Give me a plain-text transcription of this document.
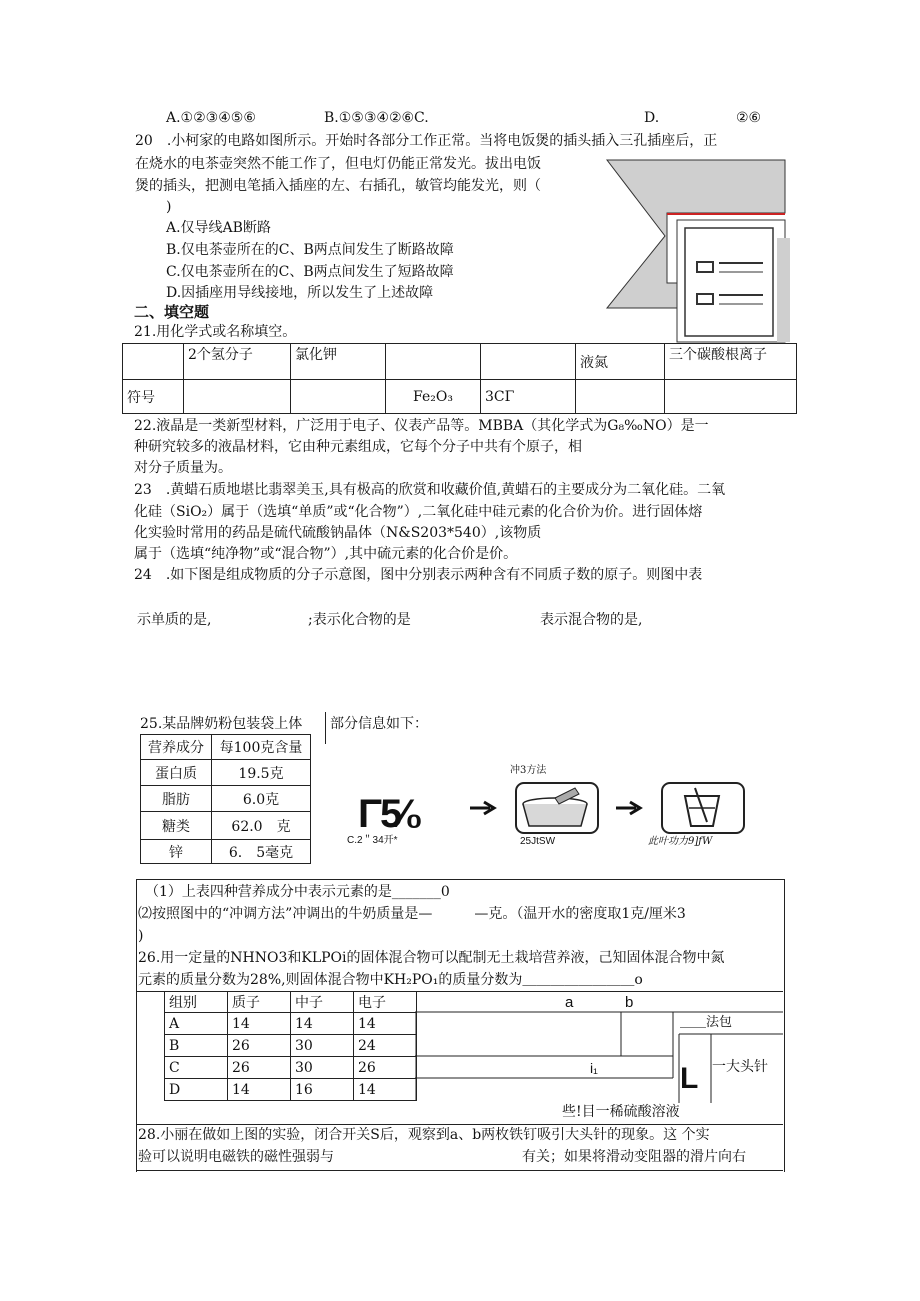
A.①②③④⑤⑥	B.①⑤③④②⑥C.	D.	②⑥
20　.小柯家的电路如图所示。开始时各部分工作正常。当将电饭煲的插头插入三孔插座后，正
在烧水的电茶壶突然不能工作了，但电灯仍能正常发光。拔出电饭
煲的插头，把测电笔插入插座的左、右插孔，敏管均能发光，则（
)
A.仅导线AB断路
B.仅电茶壶所在的C、B两点间发生了断路故障
C.仅电茶壶所在的C、B两点间发生了短路故障
D.因插座用导线接地，所以发生了上述故障
二、填空题
21.用化学式或名称填空。
	2个氢分子	氯化钾			液氮	三个碳酸根离子
符号			Fe₂O₃	3CΓ		
22.液晶是一类新型材料，广泛用于电子、仪表产品等。MBBA（其化学式为G₈‰NO）是一
种研究较多的液晶材料，它由种元素组成，它每个分子中共有个原子，相
对分子质量为。
23　.黄蜡石质地堪比翡翠美玉,具有极高的欣赏和收藏价值,黄蜡石的主要成分为二氧化硅。二氧
化硅（SiO₂）属于（选填“单质”或“化合物”）,二氧化硅中硅元素的化合价为价。进行固体熔
化实验时常用的药品是硫代硫酸钠晶体（N&S203*540）,该物质
属于（选填“纯净物”或“混合物”）,其中硫元素的化合价是价。
24　.如下图是组成物质的分子示意图，图中分别表示两种含有不同质子数的原子。则图中表
示单质的是,	;表示化合物的是	表示混合物的是,
25.某品牌奶粉包装袋上体 部分信息如下：
营养成分	每100克含量
蛋白质	19.5克
脂肪	6.0克
糖类	62.0　克
锌	6.　5毫克
Γ5⁄₀
C.2＂34开*
冲3方法
25JtSW	此叶功力9]ƒW
（1）上表四种营养成分中表示元素的是_______0
⑵按照图中的“冲调方法”冲调出的牛奶质量是—　　　—克。（温开水的密度取1克/厘米3
)
26.用一定量的NHNO3和KLPOi的固体混合物可以配制无土栽培营养液，己知固体混合物中氮
元素的质量分数为28%,则固体混合物中KH₂PO₁的质量分数为＿＿＿＿＿＿＿＿o
组别	质子	中子	电子
A	14	14	14
B	26	30	24
C	26	30	26
D	14	16	14
a	b
＿＿法包
i₁	L 一大头针
些!目一稀硫酸溶液
28.小丽在做如上图的实验，闭合开关S后，观察到a、b两枚铁钉吸引大头针的现象。这 个实
验可以说明电磁铁的磁性强弱与	有关；如果将滑动变阻器的滑片向右
